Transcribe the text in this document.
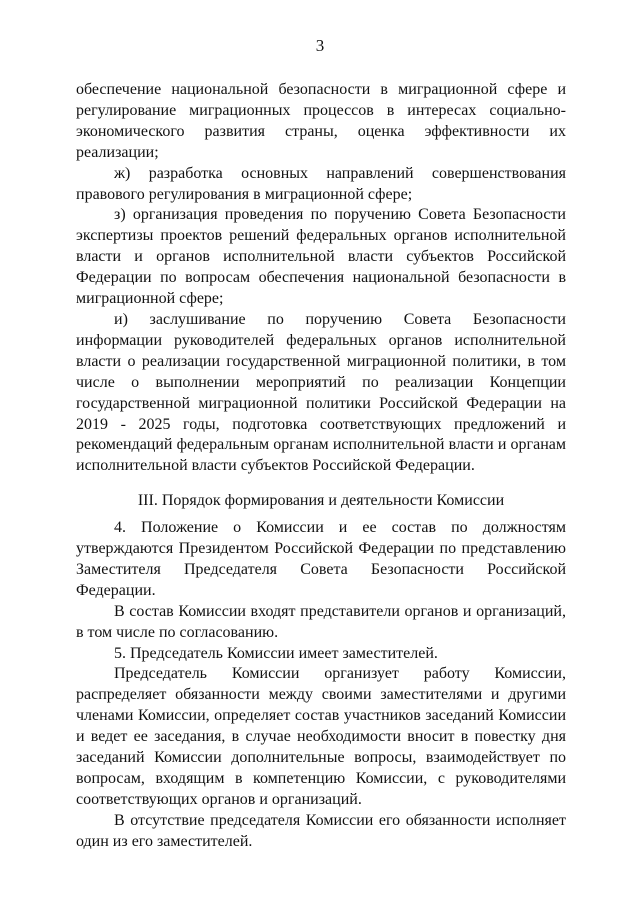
3

обеспечение национальной безопасности в миграционной сфере и регулирование миграционных процессов в интересах социально-экономического развития страны, оценка эффективности их реализации;

ж) разработка основных направлений совершенствования правового регулирования в миграционной сфере;

з) организация проведения по поручению Совета Безопасности экспертизы проектов решений федеральных органов исполнительной власти и органов исполнительной власти субъектов Российской Федерации по вопросам обеспечения национальной безопасности в миграционной сфере;

и) заслушивание по поручению Совета Безопасности информации руководителей федеральных органов исполнительной власти о реализации государственной миграционной политики, в том числе о выполнении мероприятий по реализации Концепции государственной миграционной политики Российской Федерации на 2019 - 2025 годы, подготовка соответствующих предложений и рекомендаций федеральным органам исполнительной власти и органам исполнительной власти субъектов Российской Федерации.

III. Порядок формирования и деятельности Комиссии

4. Положение о Комиссии и ее состав по должностям утверждаются Президентом Российской Федерации по представлению Заместителя Председателя Совета Безопасности Российской Федерации.

В состав Комиссии входят представители органов и организаций, в том числе по согласованию.

5. Председатель Комиссии имеет заместителей.

Председатель Комиссии организует работу Комиссии, распределяет обязанности между своими заместителями и другими членами Комиссии, определяет состав участников заседаний Комиссии и ведет ее заседания, в случае необходимости вносит в повестку дня заседаний Комиссии дополнительные вопросы, взаимодействует по вопросам, входящим в компетенцию Комиссии, с руководителями соответствующих органов и организаций.

В отсутствие председателя Комиссии его обязанности исполняет один из его заместителей.
